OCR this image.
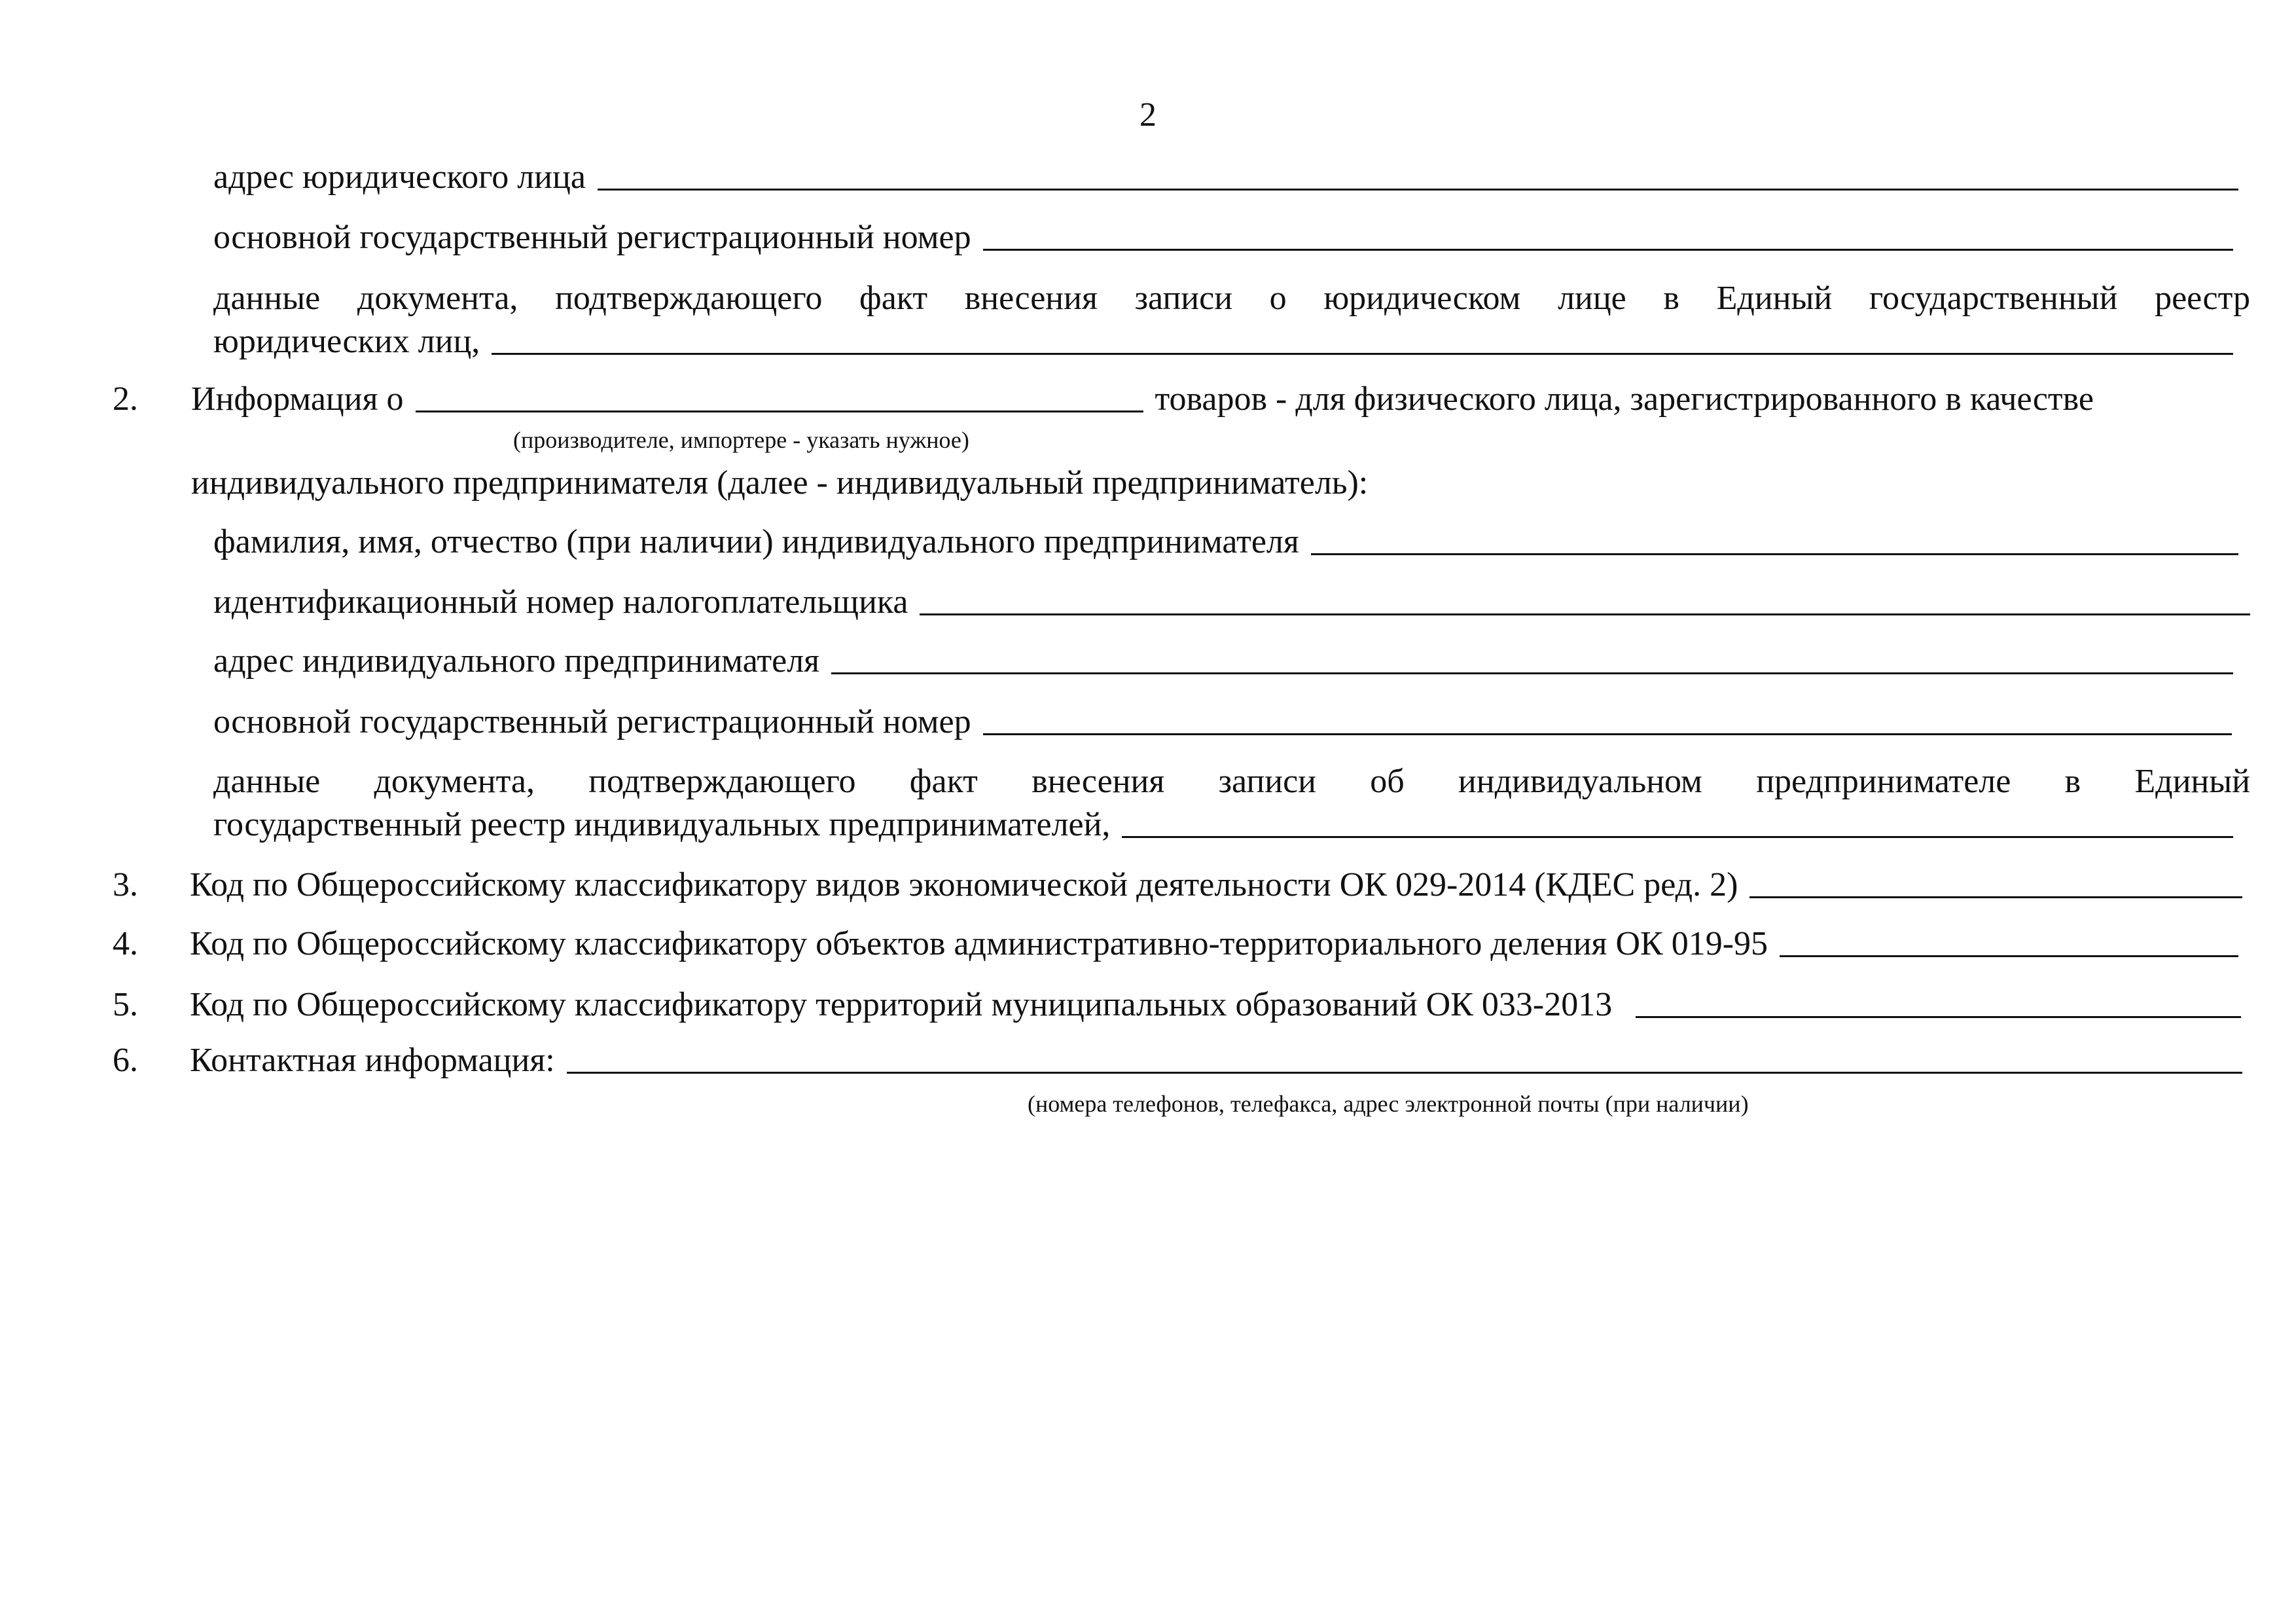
2
адрес юридического лица
основной государственный регистрационный номер
данные документа, подтверждающего факт внесения записи о юридическом лице в Единый государственный реестр
юридических лиц,
2. Информация о	товаров - для физического лица, зарегистрированного в качестве
(производителе, импортере - указать нужное)
индивидуального предпринимателя (далее - индивидуальный предприниматель):
фамилия, имя, отчество (при наличии) индивидуального предпринимателя
идентификационный номер налогоплательщика
адрес индивидуального предпринимателя
основной государственный регистрационный номер
данные документа, подтверждающего факт внесения записи об индивидуальном предпринимателе в Единый
государственный реестр индивидуальных предпринимателей,
3. Код по Общероссийскому классификатору видов экономической деятельности ОК 029-2014 (КДЕС ред. 2)
4. Код по Общероссийскому классификатору объектов административно-территориального деления ОК 019-95
5. Код по Общероссийскому классификатору территорий муниципальных образований ОК 033-2013
6. Контактная информация:
(номера телефонов, телефакса, адрес электронной почты (при наличии)
